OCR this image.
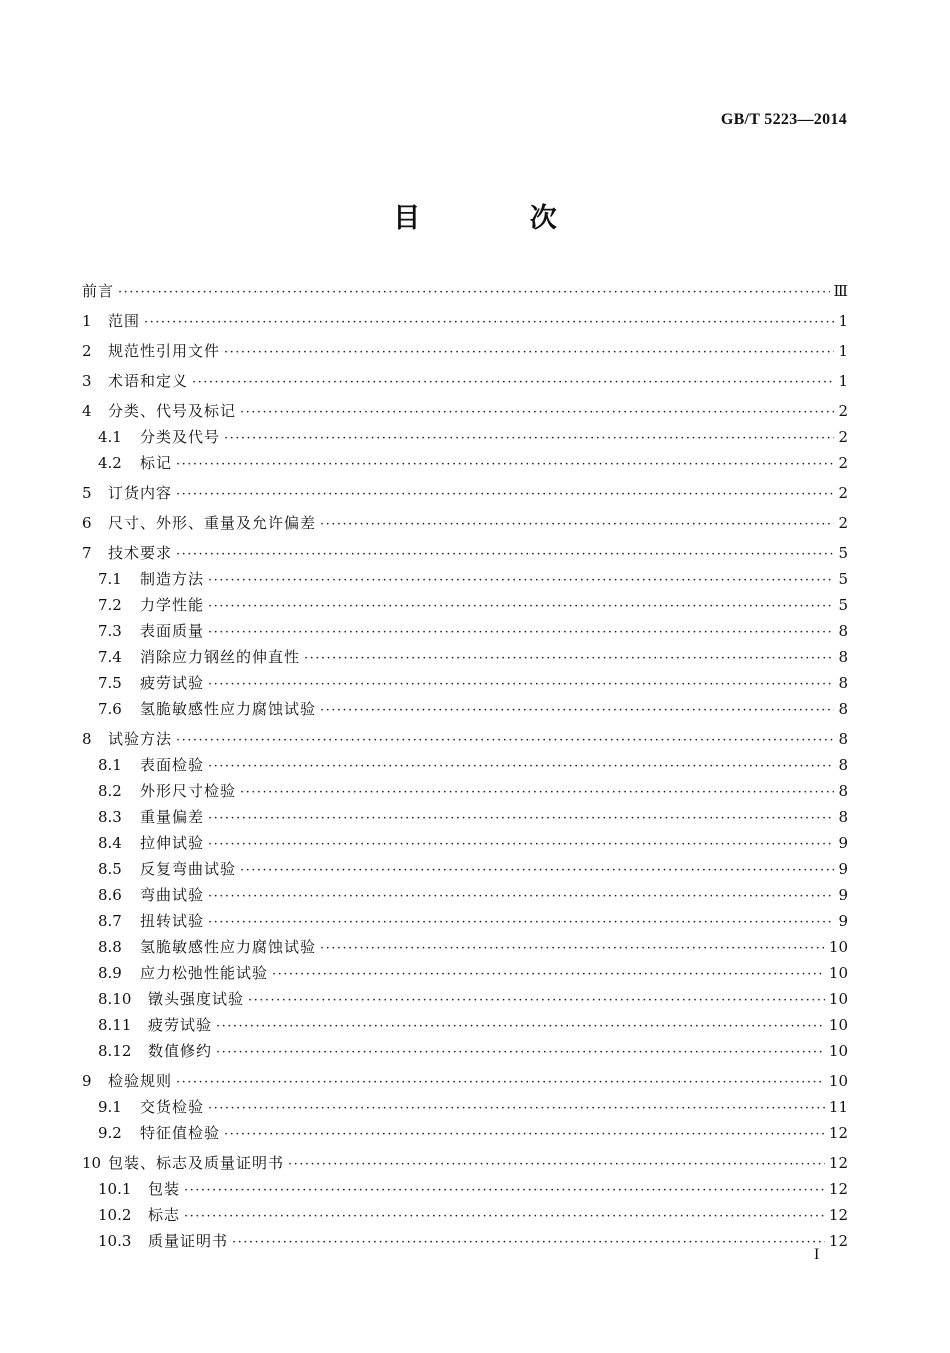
GB/T 5223—2014
目 次
前言 ·····	Ⅲ
1	范围 ·····	1
2	规范性引用文件 ·····	1
3	术语和定义 ·····	1
4	分类、代号及标记 ·····	2
4.1	分类及代号 ·····	2
4.2	标记 ·····	2
5	订货内容 ·····	2
6	尺寸、外形、重量及允许偏差 ·····	2
7	技术要求 ·····	5
7.1	制造方法 ·····	5
7.2	力学性能 ·····	5
7.3	表面质量 ·····	8
7.4	消除应力钢丝的伸直性 ·····	8
7.5	疲劳试验 ·····	8
7.6	氢脆敏感性应力腐蚀试验 ·····	8
8	试验方法 ·····	8
8.1	表面检验 ·····	8
8.2	外形尺寸检验 ·····	8
8.3	重量偏差 ·····	8
8.4	拉伸试验 ·····	9
8.5	反复弯曲试验 ·····	9
8.6	弯曲试验 ·····	9
8.7	扭转试验 ·····	9
8.8	氢脆敏感性应力腐蚀试验 ·····	10
8.9	应力松弛性能试验 ·····	10
8.10	镦头强度试验 ·····	10
8.11	疲劳试验 ·····	10
8.12	数值修约 ·····	10
9	检验规则 ·····	10
9.1	交货检验 ·····	11
9.2	特征值检验 ·····	12
10 包装、标志及质量证明书 ·····	12
10.1	包装 ·····	12
10.2	标志 ·····	12
10.3	质量证明书 ·····	12
I
